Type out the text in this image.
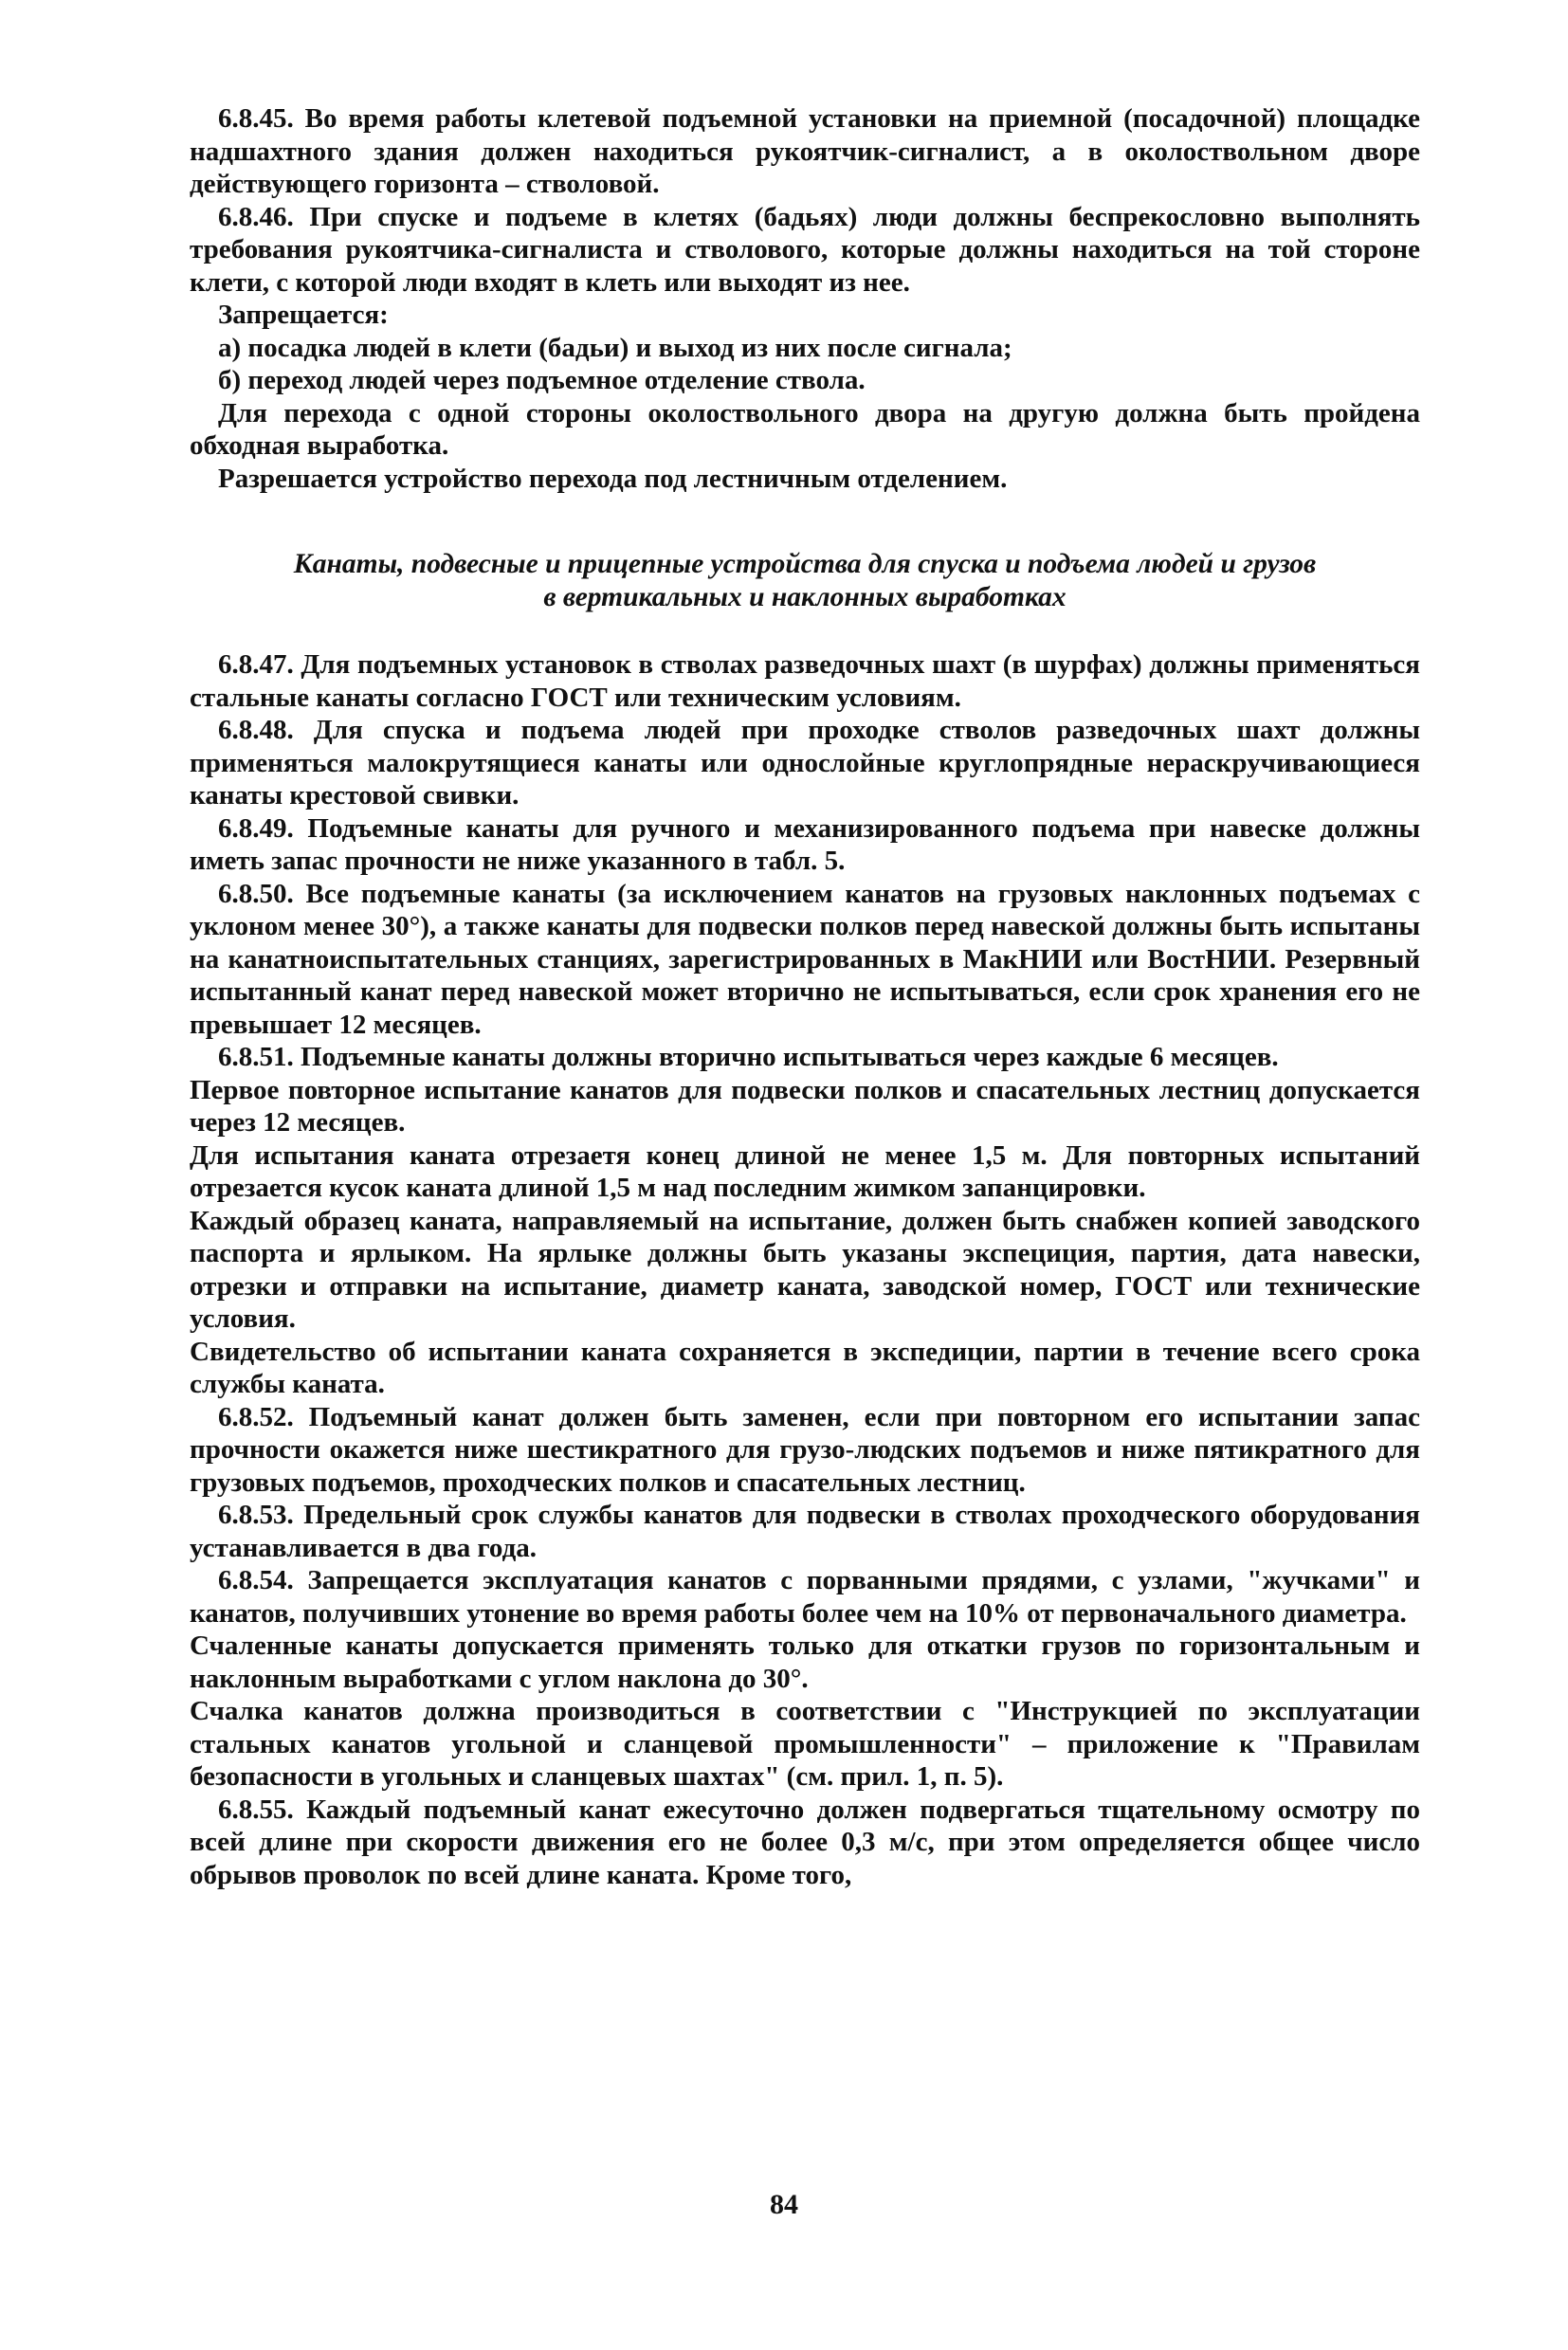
6.8.45. Во время работы клетевой подъемной установки на приемной (посадочной) площадке надшахтного здания должен находиться рукоятчик-сигналист, а в околоствольном дворе действующего горизонта – стволовой.

6.8.46. При спуске и подъеме в клетях (бадьях) люди должны беспрекословно выполнять требования рукоятчика-сигналиста и стволового, которые должны находиться на той стороне клети, с которой люди входят в клеть или выходят из нее.

Запрещается:

а) посадка людей в клети (бадьи) и выход из них после сигнала;

б) переход людей через подъемное отделение ствола.

Для перехода с одной стороны околоствольного двора на другую должна быть пройдена обходная выработка.

Разрешается устройство перехода под лестничным отделением.

Канаты, подвесные и прицепные устройства для спуска и подъема людей и грузов
в вертикальных и наклонных выработках

6.8.47. Для подъемных установок в стволах разведочных шахт (в шурфах) должны применяться стальные канаты согласно ГОСТ или техническим условиям.

6.8.48. Для спуска и подъема людей при проходке стволов разведочных шахт должны применяться малокрутящиеся канаты или однослойные круглопрядные нераскручивающиеся канаты крестовой свивки.

6.8.49. Подъемные канаты для ручного и механизированного подъема при навеске должны иметь запас прочности не ниже указанного в табл. 5.

6.8.50. Все подъемные канаты (за исключением канатов на грузовых наклонных подъемах с уклоном менее 30°), а также канаты для подвески полков перед навеской должны быть испытаны на канатноиспытательных станциях, зарегистрированных в МакНИИ или ВостНИИ. Резервный испытанный канат перед навеской может вторично не испытываться, если срок хранения его не превышает 12 месяцев.

6.8.51. Подъемные канаты должны вторично испытываться через каждые 6 месяцев.

Первое повторное испытание канатов для подвески полков и спасательных лестниц допускается через 12 месяцев.

Для испытания каната отрезаетя конец длиной не менее 1,5 м. Для повторных испытаний отрезается кусок каната длиной 1,5 м над последним жимком запанцировки.

Каждый образец каната, направляемый на испытание, должен быть снабжен копией заводского паспорта и ярлыком. На ярлыке должны быть указаны экспециция, партия, дата навески, отрезки и отправки на испытание, диаметр каната, заводской номер, ГОСТ или технические условия.

Свидетельство об испытании каната сохраняется в экспедиции, партии в течение всего срока службы каната.

6.8.52. Подъемный канат должен быть заменен, если при повторном его испытании запас прочности окажется ниже шестикратного для грузо-людских подъемов и ниже пятикратного для грузовых подъемов, проходческих полков и спасательных лестниц.

6.8.53. Предельный срок службы канатов для подвески в стволах проходческого оборудования устанавливается в два года.

6.8.54. Запрещается эксплуатация канатов с порванными прядями, с узлами, "жучками" и канатов, получивших утонение во время работы более чем на 10% от первоначального диаметра.

Счаленные канаты допускается применять только для откатки грузов по горизонтальным и наклонным выработками с углом наклона до 30°.

Счалка канатов должна производиться в соответствии с "Инструкцией по эксплуатации стальных канатов угольной и сланцевой промышленности" – приложение к "Правилам безопасности в угольных и сланцевых шахтах" (см. прил. 1, п. 5).

6.8.55. Каждый подъемный канат ежесуточно должен подвергаться тщательному осмотру по всей длине при скорости движения его не более 0,3 м/с, при этом определяется общее число обрывов проволок по всей длине каната. Кроме того,

84
